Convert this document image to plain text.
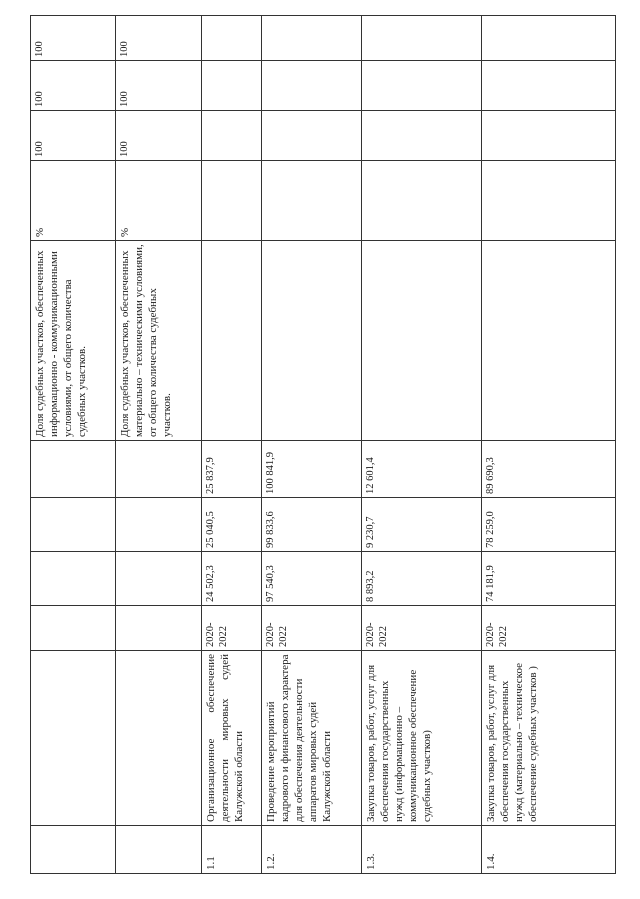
						Доля судебных участков, обеспеченных информационно - коммуникационными условиями, от общего количества судебных участков.	%	100	100	100
						Доля судебных участков, обеспеченных материально – техническими условиями, от общего количества судебных участков.	%	100	100	100
1.1	Организационное обеспечение деятельности мировых судей Калужской области	2020-2022	24 502,3	25 040,5	25 837,9					
1.2.	Проведение мероприятий кадрового и финансового характера для обеспечения деятельности аппаратов мировых судей Калужской области	2020-2022	97 540,3	99 833,6	100 841,9					
1.3.	Закупка товаров, работ, услуг для обеспечения государственных нужд (информационно – коммуникационное обеспечение судебных участков)	2020-2022	8 893,2	9 230,7	12 601,4					
1.4.	Закупка товаров, работ, услуг для обеспечения государственных нужд (материально – техническое обеспечение судебных участков )	2020-2022	74 181,9	78 259,0	89 690,3					
